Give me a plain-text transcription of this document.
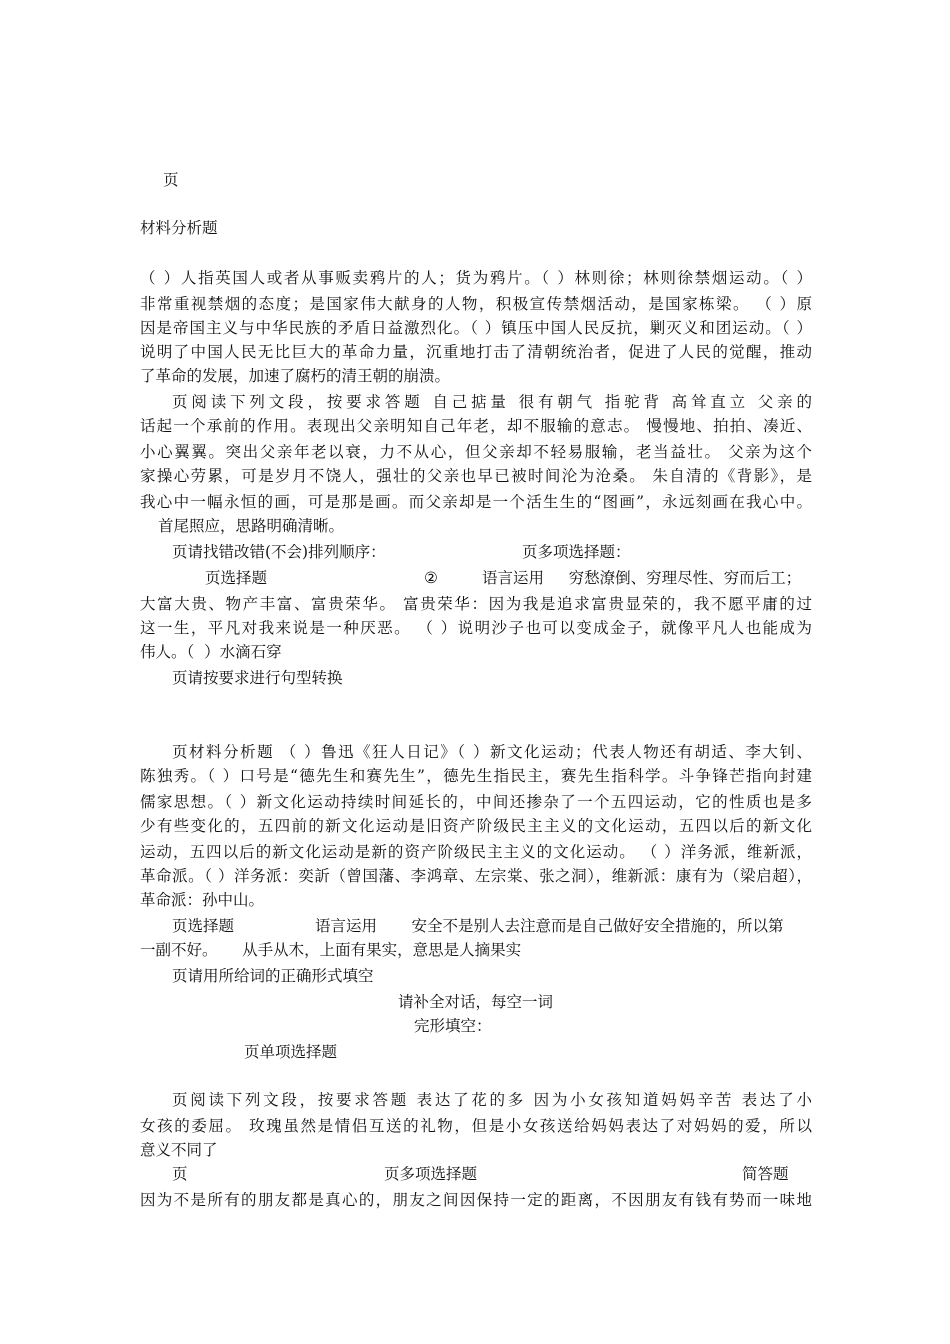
页
材料分析题
（ ）人指英国人或者从事贩卖鸦片的人；货为鸦片。（ ）林则徐；林则徐禁烟运动。（ ）
非常重视禁烟的态度；是国家伟大献身的人物，积极宣传禁烟活动，是国家栋梁。 （ ）原
因是帝国主义与中华民族的矛盾日益激烈化。（ ）镇压中国人民反抗，剿灭义和团运动。（ ）
说明了中国人民无比巨大的革命力量，沉重地打击了清朝统治者，促进了人民的觉醒，推动
了革命的发展，加速了腐朽的清王朝的崩溃。
页阅读下列文段，按要求答题 自己掂量 很有朝气 指驼背 高耸直立 父亲的
话起一个承前的作用。表现出父亲明知自己年老，却不服输的意志。 慢慢地、拍拍、凑近、
小心翼翼。突出父亲年老以衰，力不从心，但父亲却不轻易服输，老当益壮。 父亲为这个
家操心劳累，可是岁月不饶人，强壮的父亲也早已被时间沦为沧桑。 朱自清的《背影》，是
我心中一幅永恒的画，可是那是画。而父亲却是一个活生生的“图画”，永远刻画在我心中。
首尾照应，思路明确清晰。
页请找错改错(不会)排列顺序：	页多项选择题：
页选择题	②	语言运用     穷愁潦倒、穷理尽性、穷而后工；
大富大贵、物产丰富、富贵荣华。 富贵荣华：因为我是追求富贵显荣的，我不愿平庸的过
这一生，平凡对我来说是一种厌恶。 （ ）说明沙子也可以变成金子，就像平凡人也能成为
伟人。（  ）水滴石穿
页请按要求进行句型转换
页材料分析题 （ ）鲁迅《狂人日记》（ ）新文化运动；代表人物还有胡适、李大钊、
陈独秀。（ ）口号是“德先生和赛先生”，德先生指民主，赛先生指科学。斗争锋芒指向封建
儒家思想。（ ）新文化运动持续时间延长的，中间还掺杂了一个五四运动，它的性质也是多
少有些变化的，五四前的新文化运动是旧资产阶级民主主义的文化运动，五四以后的新文化
运动，五四以后的新文化运动是新的资产阶级民主主义的文化运动。 （ ）洋务派，维新派，
革命派。（ ）洋务派：奕訢（曾国藩、李鸿章、左宗棠、张之洞），维新派：康有为（梁启超），
革命派：孙中山。
页选择题	语言运用       安全不是别人去注意而是自己做好安全措施的，所以第
一副不好。     从手从木，上面有果实，意思是人摘果实
页请用所给词的正确形式填空
请补全对话，每空一词
完形填空：
页单项选择题
页阅读下列文段，按要求答题 表达了花的多 因为小女孩知道妈妈辛苦 表达了小
女孩的委屈。 玫瑰虽然是情侣互送的礼物，但是小女孩送给妈妈表达了对妈妈的爱，所以
意义不同了
页	页多项选择题	简答题
因为不是所有的朋友都是真心的，朋友之间因保持一定的距离，不因朋友有钱有势而一味地
